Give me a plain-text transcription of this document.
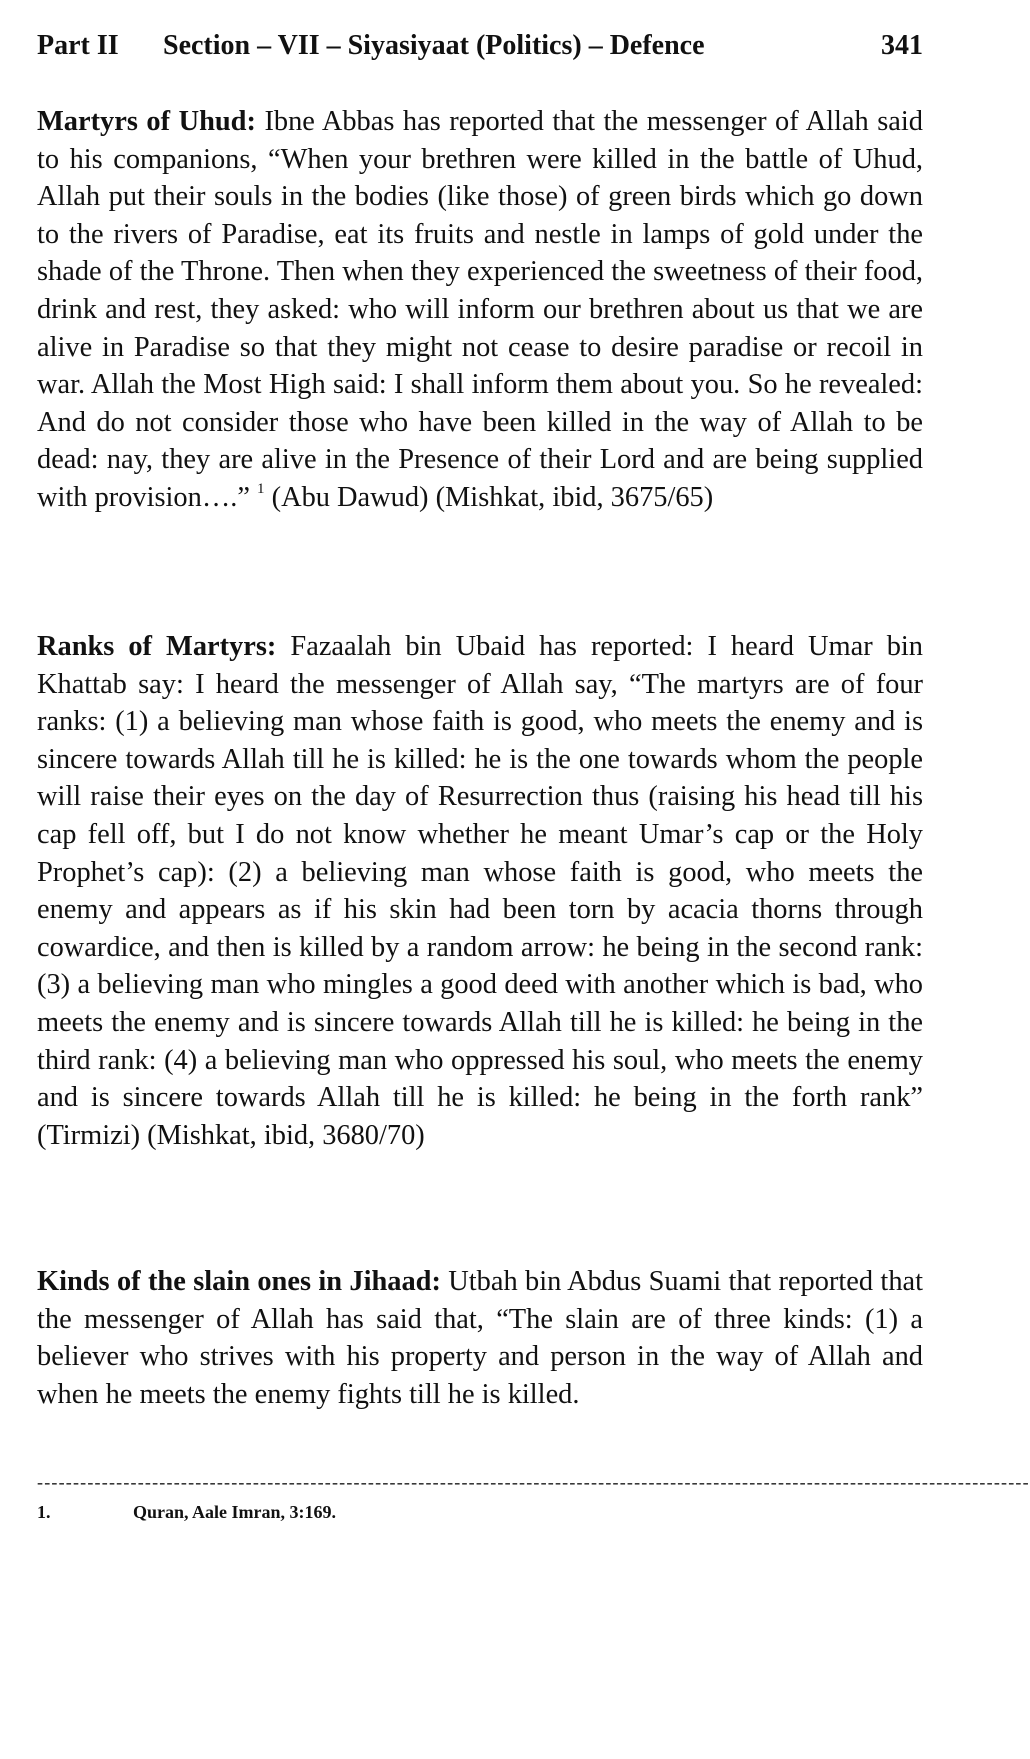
Part II Section – VII – Siyasiyaat (Politics) – Defence	341
Martyrs of Uhud: Ibne Abbas has reported that the messenger of Allah said to his companions, “When your brethren were killed in the battle of Uhud, Allah put their souls in the bodies (like those) of green birds which go down to the rivers of Paradise, eat its fruits and nestle in lamps of gold under the shade of the Throne. Then when they experienced the sweetness of their food, drink and rest, they asked: who will inform our brethren about us that we are alive in Paradise so that they might not cease to desire paradise or recoil in war. Allah the Most High said: I shall inform them about you. So he revealed: And do not consider those who have been killed in the way of Allah to be dead: nay, they are alive in the Presence of their Lord and are being supplied with provision….” $^1$ (Abu Dawud) (Mishkat, ibid, 3675/65)
Ranks of Martyrs: Fazaalah bin Ubaid has reported: I heard Umar bin Khattab say: I heard the messenger of Allah say, “The martyrs are of four ranks: (1) a believing man whose faith is good, who meets the enemy and is sincere towards Allah till he is killed: he is the one towards whom the people will raise their eyes on the day of Resurrection thus (raising his head till his cap fell off, but I do not know whether he meant Umar’s cap or the Holy Prophet’s cap): (2) a believing man whose faith is good, who meets the enemy and appears as if his skin had been torn by acacia thorns through cowardice, and then is killed by a random arrow: he being in the second rank: (3) a believing man who mingles a good deed with another which is bad, who meets the enemy and is sincere towards Allah till he is killed: he being in the third rank: (4) a believing man who oppressed his soul, who meets the enemy and is sincere towards Allah till he is killed: he being in the forth rank” (Tirmizi) (Mishkat, ibid, 3680/70)
Kinds of the slain ones in Jihaad: Utbah bin Abdus Suami that reported that the messenger of Allah has said that, “The slain are of three kinds: (1) a believer who strives with his property and person in the way of Allah and when he meets the enemy fights till he is killed.
------------------------------------------------------------------------------------------------------------------------------------------
1.	Quran, Aale Imran, 3:169.
